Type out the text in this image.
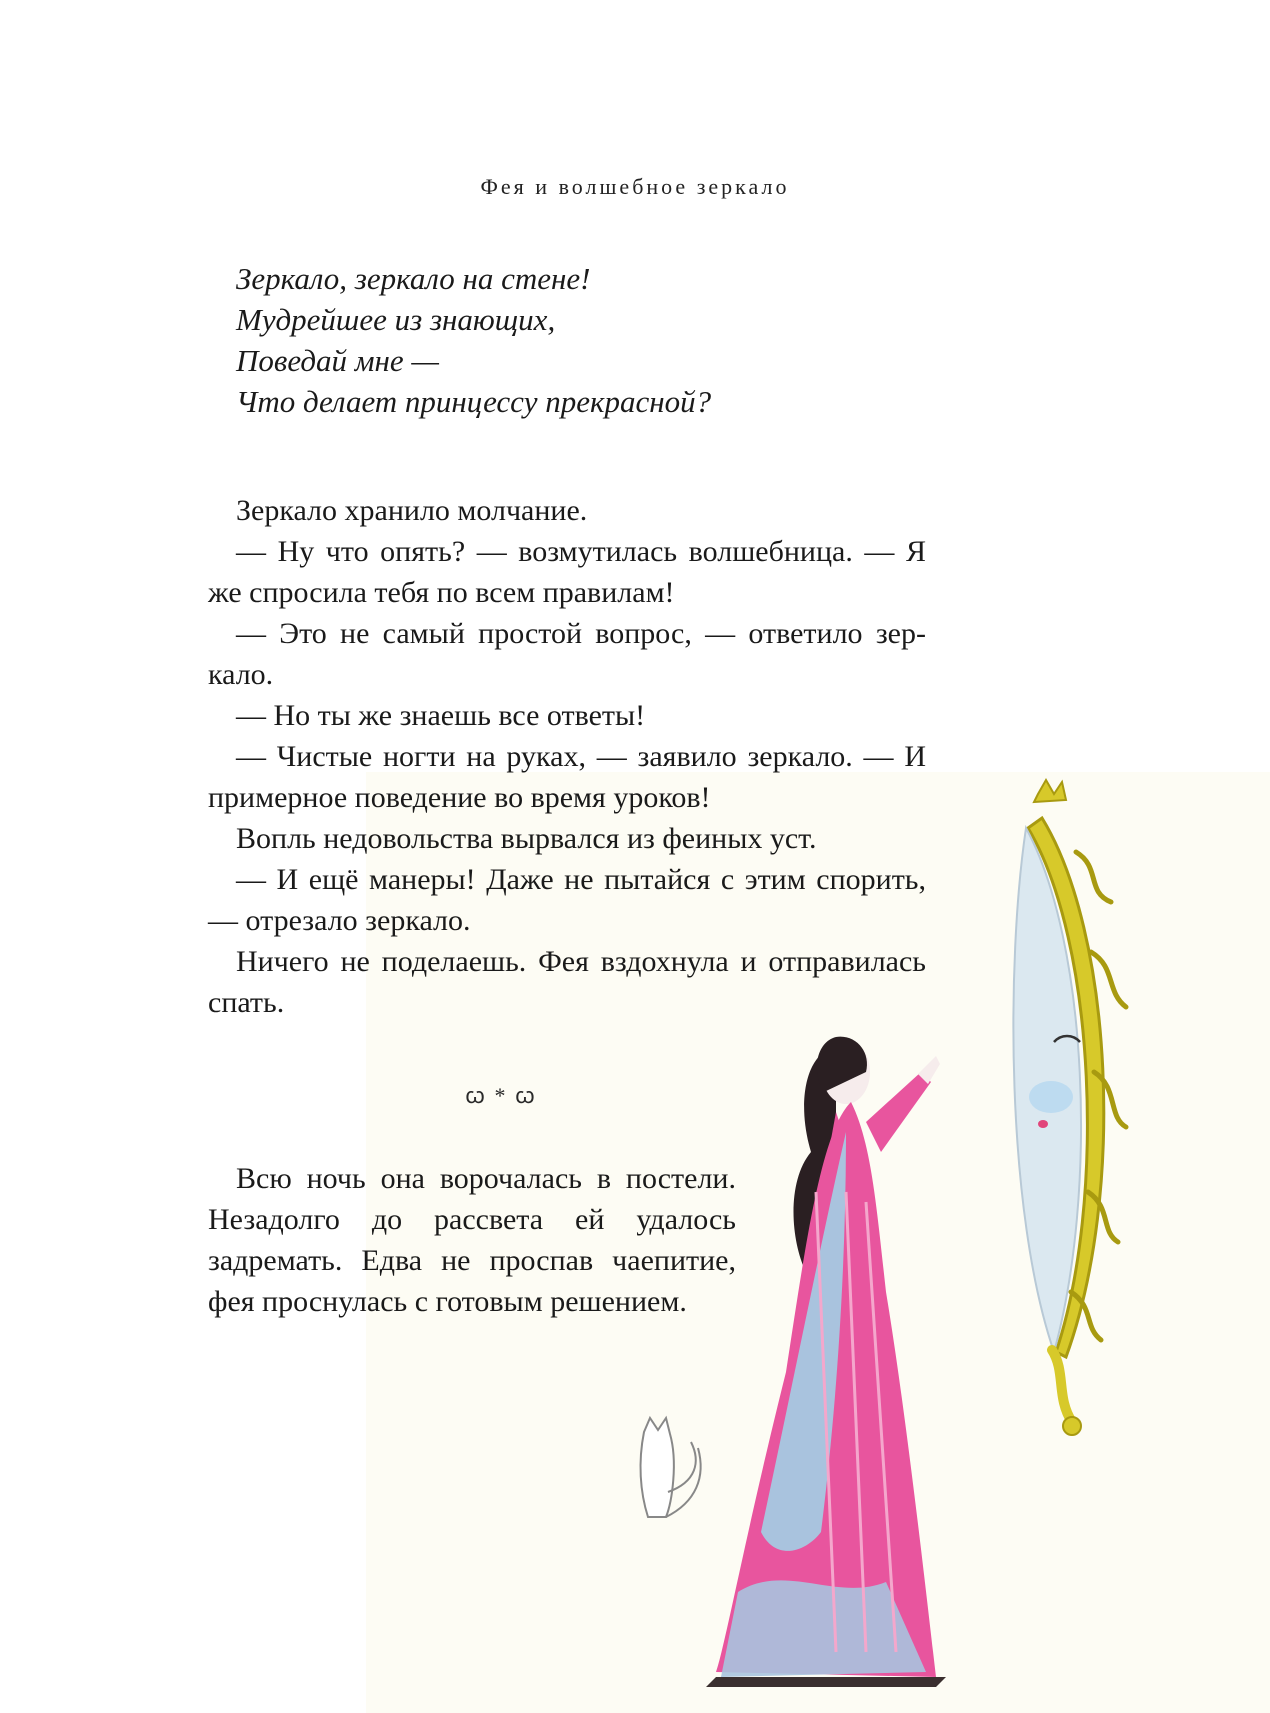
Фея и волшебное зеркало
Зеркало, зеркало на стене!
Мудрейшее из знающих,
Поведай мне —
Что делает принцессу прекрасной?

Зеркало хранило молчание.

— Ну что опять? — возмутилась волшебница. — Я же спросила тебя по всем правилам!

— Это не самый простой вопрос, — ответило зеркало.

— Но ты же знаешь все ответы!

— Чистые ногти на руках, — заявило зеркало. — И примерное поведение во время уроков!

Вопль недовольства вырвался из феиных уст.

— И ещё манеры! Даже не пытайся с этим спорить, — отрезало зеркало.

Ничего не поделаешь. Фея вздохнула и отправилась спать.

ꞷ * ꞷ

Всю ночь она ворочалась в постели. Незадолго до рассвета ей удалось задремать. Едва не проспав чаепитие, фея проснулась с готовым решением.
